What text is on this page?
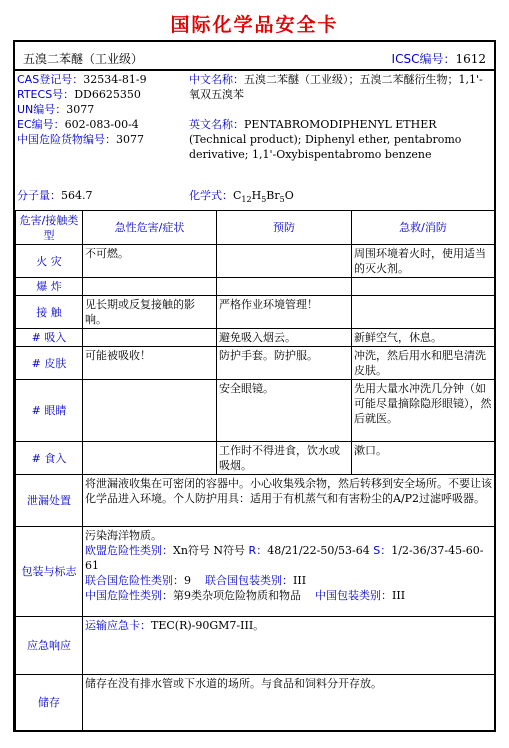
国际化学品安全卡
五溴二苯醚（工业级）	ICSC编号：1612
CAS登记号：32534-81-9
RTECS号：DD6625350
UN编号：3077
EC编号：602-083-00-4
中国危险货物编号：3077
中文名称：五溴二苯醚（工业级）；五溴二苯醚衍生物；1,1'-氧双五溴苯
英文名称：PENTABROMODIPHENYL ETHER (Technical product); Diphenyl ether, pentabromo derivative; 1,1'-Oxybispentabromo benzene
分子量：564.7	化学式：$C_{12}H_5Br_5O$
危害/接触类型	急性危害/症状	预防	急救/消防
火 灾	不可燃。		周围环境着火时，使用适当的灭火剂。
爆 炸			
接 触	见长期或反复接触的影响。	严格作业环境管理！	
# 吸入		避免吸入烟云。	新鲜空气，休息。
# 皮肤	可能被吸收！	防护手套。防护服。	冲洗，然后用水和肥皂清洗皮肤。
# 眼睛		安全眼镜。	先用大量水冲洗几分钟（如可能尽量摘除隐形眼镜），然后就医。
# 食入		工作时不得进食，饮水或吸烟。	漱口。
泄漏处置	将泄漏液收集在可密闭的容器中。小心收集残余物，然后转移到安全场所。不要让该化学品进入环境。个人防护用具：适用于有机蒸气和有害粉尘的A/P2过滤呼吸器。		
包装与标志	污染海洋物质。
欧盟危险性类别：Xn符号 N符号 R：48/21/22-50/53-64 S：1/2-36/37-45-60-61
联合国危险性类别：9 联合国包装类别：III
中国危险性类别：第9类杂项危险物质和物品 中国包装类别：III		

应急响应	运输应急卡：TEC(R)-90GM7-III。		
储存	储存在没有排水管或下水道的场所。与食品和饲料分开存放。		
